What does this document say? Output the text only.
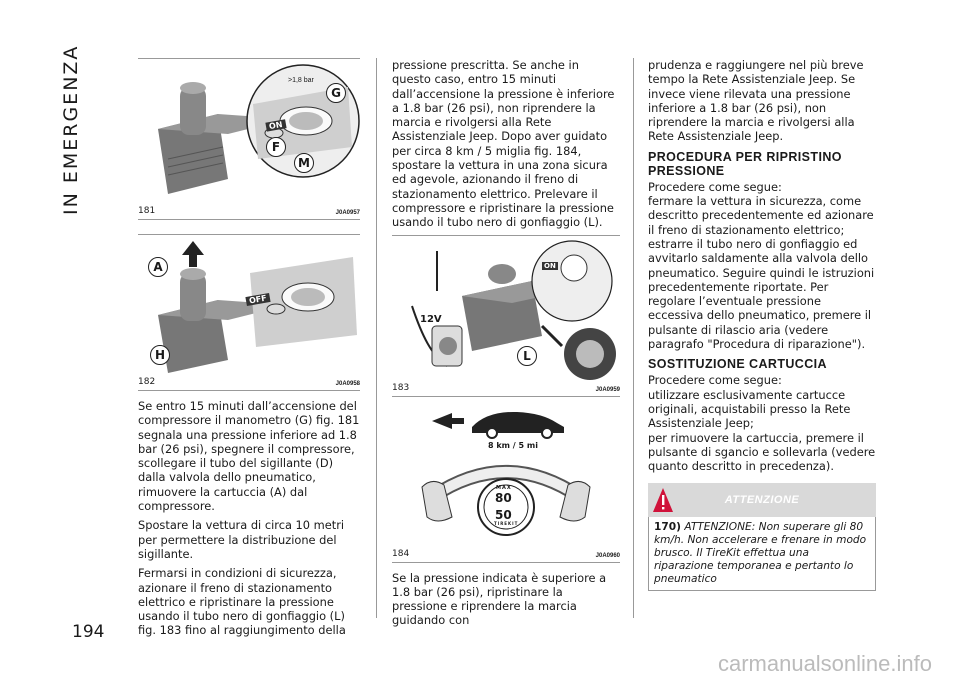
IN EMERGENZA
194
ON
>1,8 bar
G
F
M
181	J0A0957
OFF
A
H
182	J0A0958

Se entro 15 minuti dall’accensione del compressore il manometro (G) fig. 181 segnala una pressione inferiore ad 1.8 bar (26 psi), spegnere il compressore, scollegare il tubo del sigillante (D) dalla valvola dello pneumatico, rimuovere la cartuccia (A) dal compressore.

Spostare la vettura di circa 10 metri per permettere la distribuzione del sigillante.

Fermarsi in condizioni di sicurezza, azionare il freno di stazionamento elettrico e ripristinare la pressione usando il tubo nero di gonfiaggio (L) fig. 183 fino al raggiungimento della

pressione prescritta. Se anche in questo caso, entro 15 minuti dall’accensione la pressione è inferiore a 1.8 bar (26 psi), non riprendere la marcia e rivolgersi alla Rete Assistenziale Jeep. Dopo aver guidato per circa 8 km / 5 miglia fig. 184, spostare la vettura in una zona sicura ed agevole, azionando il freno di stazionamento elettrico. Prelevare il compressore e ripristinare la pressione usando il tubo nero di gonfiaggio (L).

ON
12V
L
183	J0A0959
8 km / 5 mi
MAX
80
50
TIREKIT
184	J0A0960

Se la pressione indicata è superiore a 1.8 bar (26 psi), ripristinare la pressione e riprendere la marcia guidando con

prudenza e raggiungere nel più breve tempo la Rete Assistenziale Jeep. Se invece viene rilevata una pressione inferiore a 1.8 bar (26 psi), non riprendere la marcia e rivolgersi alla Rete Assistenziale Jeep.

PROCEDURA PER RIPRISTINO PRESSIONE

Procedere come segue:

fermare la vettura in sicurezza, come descritto precedentemente ed azionare il freno di stazionamento elettrico;

estrarre il tubo nero di gonfiaggio ed avvitarlo saldamente alla valvola dello pneumatico. Seguire quindi le istruzioni precedentemente riportate. Per regolare l’eventuale pressione eccessiva dello pneumatico, premere il pulsante di rilascio aria (vedere paragrafo "Procedura di riparazione").

SOSTITUZIONE CARTUCCIA

Procedere come segue:

utilizzare esclusivamente cartucce originali, acquistabili presso la Rete Assistenziale Jeep;

per rimuovere la cartuccia, premere il pulsante di sgancio e sollevarla (vedere quanto descritto in precedenza).

ATTENZIONE
170) ATTENZIONE: Non superare gli 80 km/h. Non accelerare e frenare in modo brusco. Il TireKit effettua una riparazione temporanea e pertanto lo pneumatico
carmanualsonline.info
